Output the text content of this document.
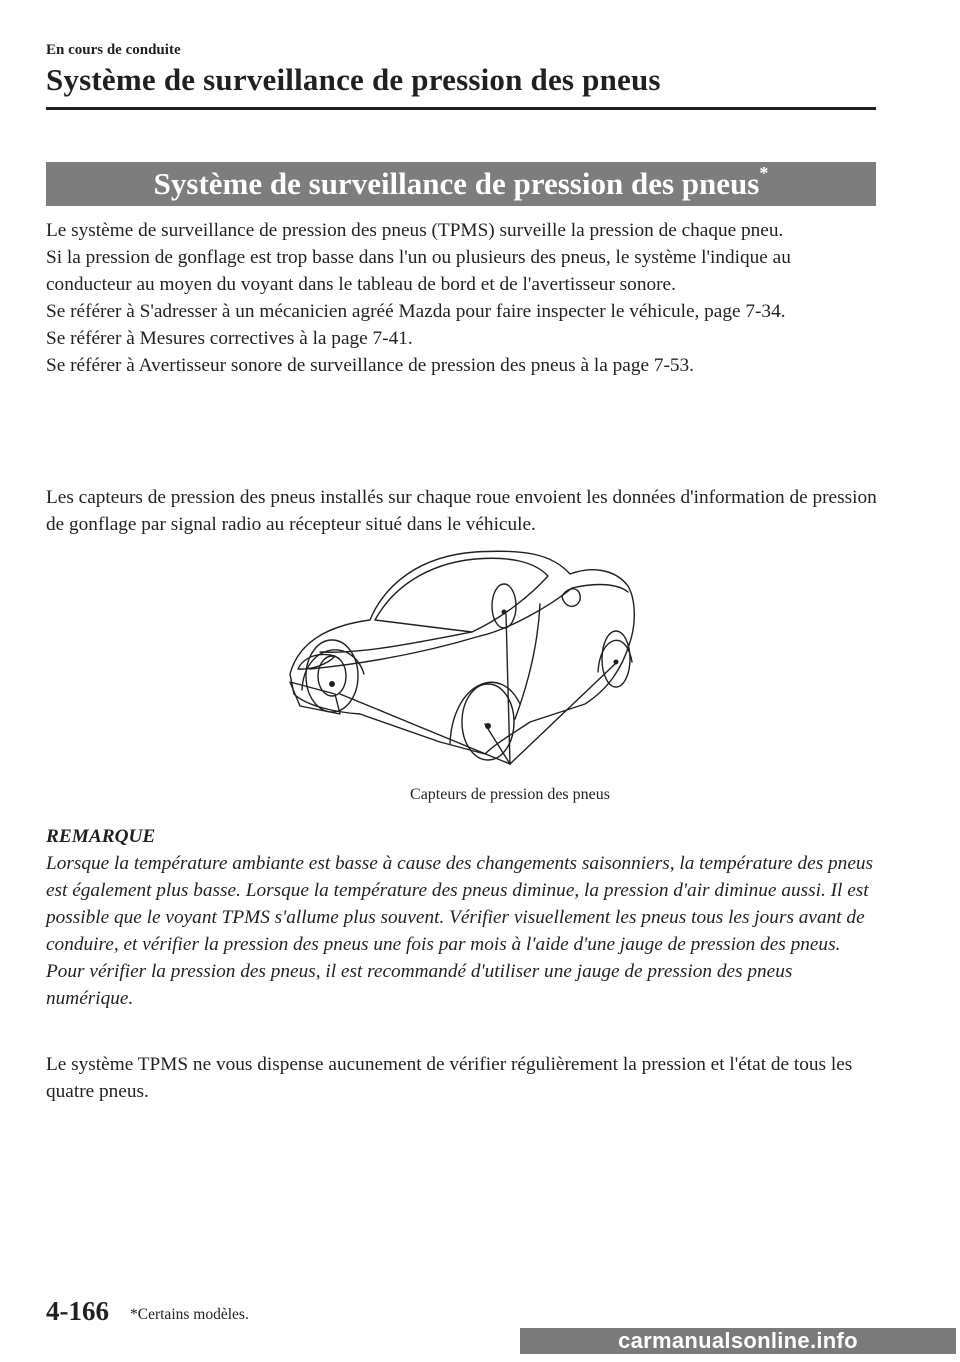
En cours de conduite
Système de surveillance de pression des pneus
Système de surveillance de pression des pneus*

Le système de surveillance de pression des pneus (TPMS) surveille la pression de chaque pneu.

Si la pression de gonflage est trop basse dans l'un ou plusieurs des pneus, le système l'indique au conducteur au moyen du voyant dans le tableau de bord et de l'avertisseur sonore.

Se référer à S'adresser à un mécanicien agréé Mazda pour faire inspecter le véhicule, page 7-34.

Se référer à Mesures correctives à la page 7-41.

Se référer à Avertisseur sonore de surveillance de pression des pneus à la page 7-53.

Les capteurs de pression des pneus installés sur chaque roue envoient les données d'information de pression de gonflage par signal radio au récepteur situé dans le véhicule.

Capteurs de pression des pneus

REMARQUE

Lorsque la température ambiante est basse à cause des changements saisonniers, la température des pneus est également plus basse. Lorsque la température des pneus diminue, la pression d'air diminue aussi. Il est possible que le voyant TPMS s'allume plus souvent. Vérifier visuellement les pneus tous les jours avant de conduire, et vérifier la pression des pneus une fois par mois à l'aide d'une jauge de pression des pneus. Pour vérifier la pression des pneus, il est recommandé d'utiliser une jauge de pression des pneus numérique.

Le système TPMS ne vous dispense aucunement de vérifier régulièrement la pression et l'état de tous les quatre pneus.

4-166 *Certains modèles.
carmanualsonline.info
